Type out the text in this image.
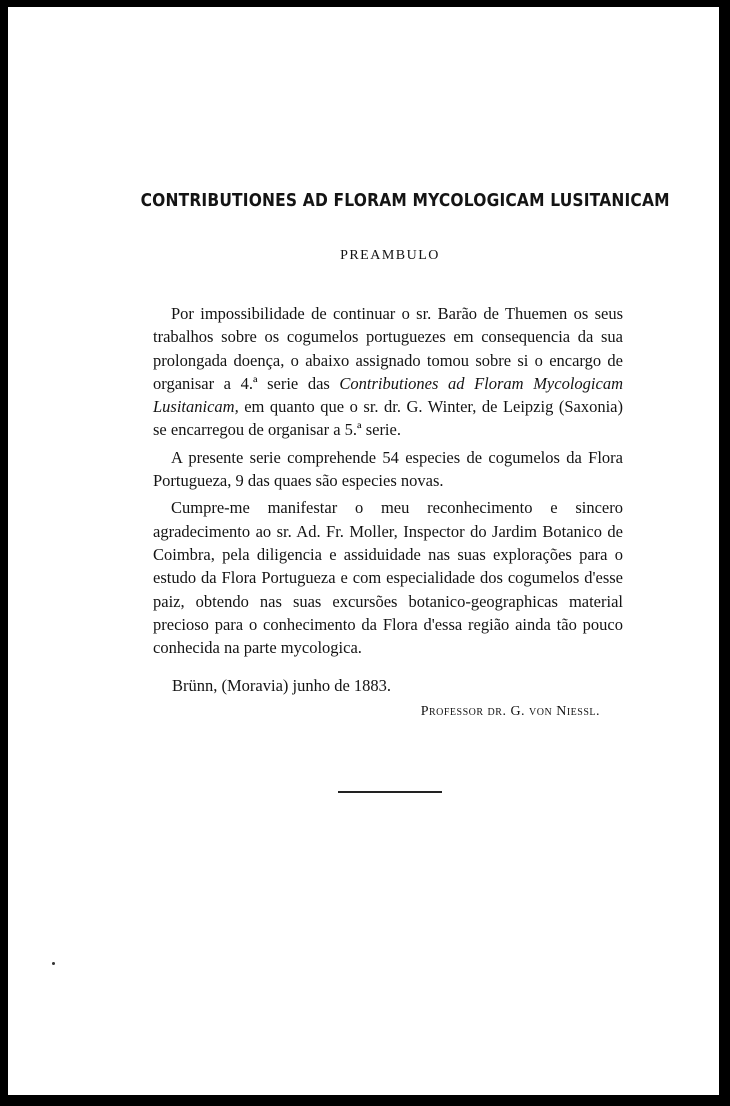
CONTRIBUTIONES AD FLORAM MYCOLOGICAM LUSITANICAM
PREAMBULO

Por impossibilidade de continuar o sr. Barão de Thuemen os seus trabalhos sobre os cogumelos portuguezes em consequencia da sua prolongada doença, o abaixo assignado tomou sobre si o encargo de organisar a 4.ª serie das Contributiones ad Floram Mycologicam Lusitanicam, em quanto que o sr. dr. G. Winter, de Leipzig (Saxonia) se encarregou de organisar a 5.ª serie.

A presente serie comprehende 54 especies de cogumelos da Flora Portugueza, 9 das quaes são especies novas.

Cumpre-me manifestar o meu reconhecimento e sincero agradecimento ao sr. Ad. Fr. Moller, Inspector do Jardim Botanico de Coimbra, pela diligencia e assiduidade nas suas explorações para o estudo da Flora Portugueza e com especialidade dos cogumelos d'esse paiz, obtendo nas suas excursões botanico-geographicas material precioso para o conhecimento da Flora d'essa região ainda tão pouco conhecida na parte mycologica.

Brünn, (Moravia) junho de 1883.
Professor dr. G. von Niessl.
